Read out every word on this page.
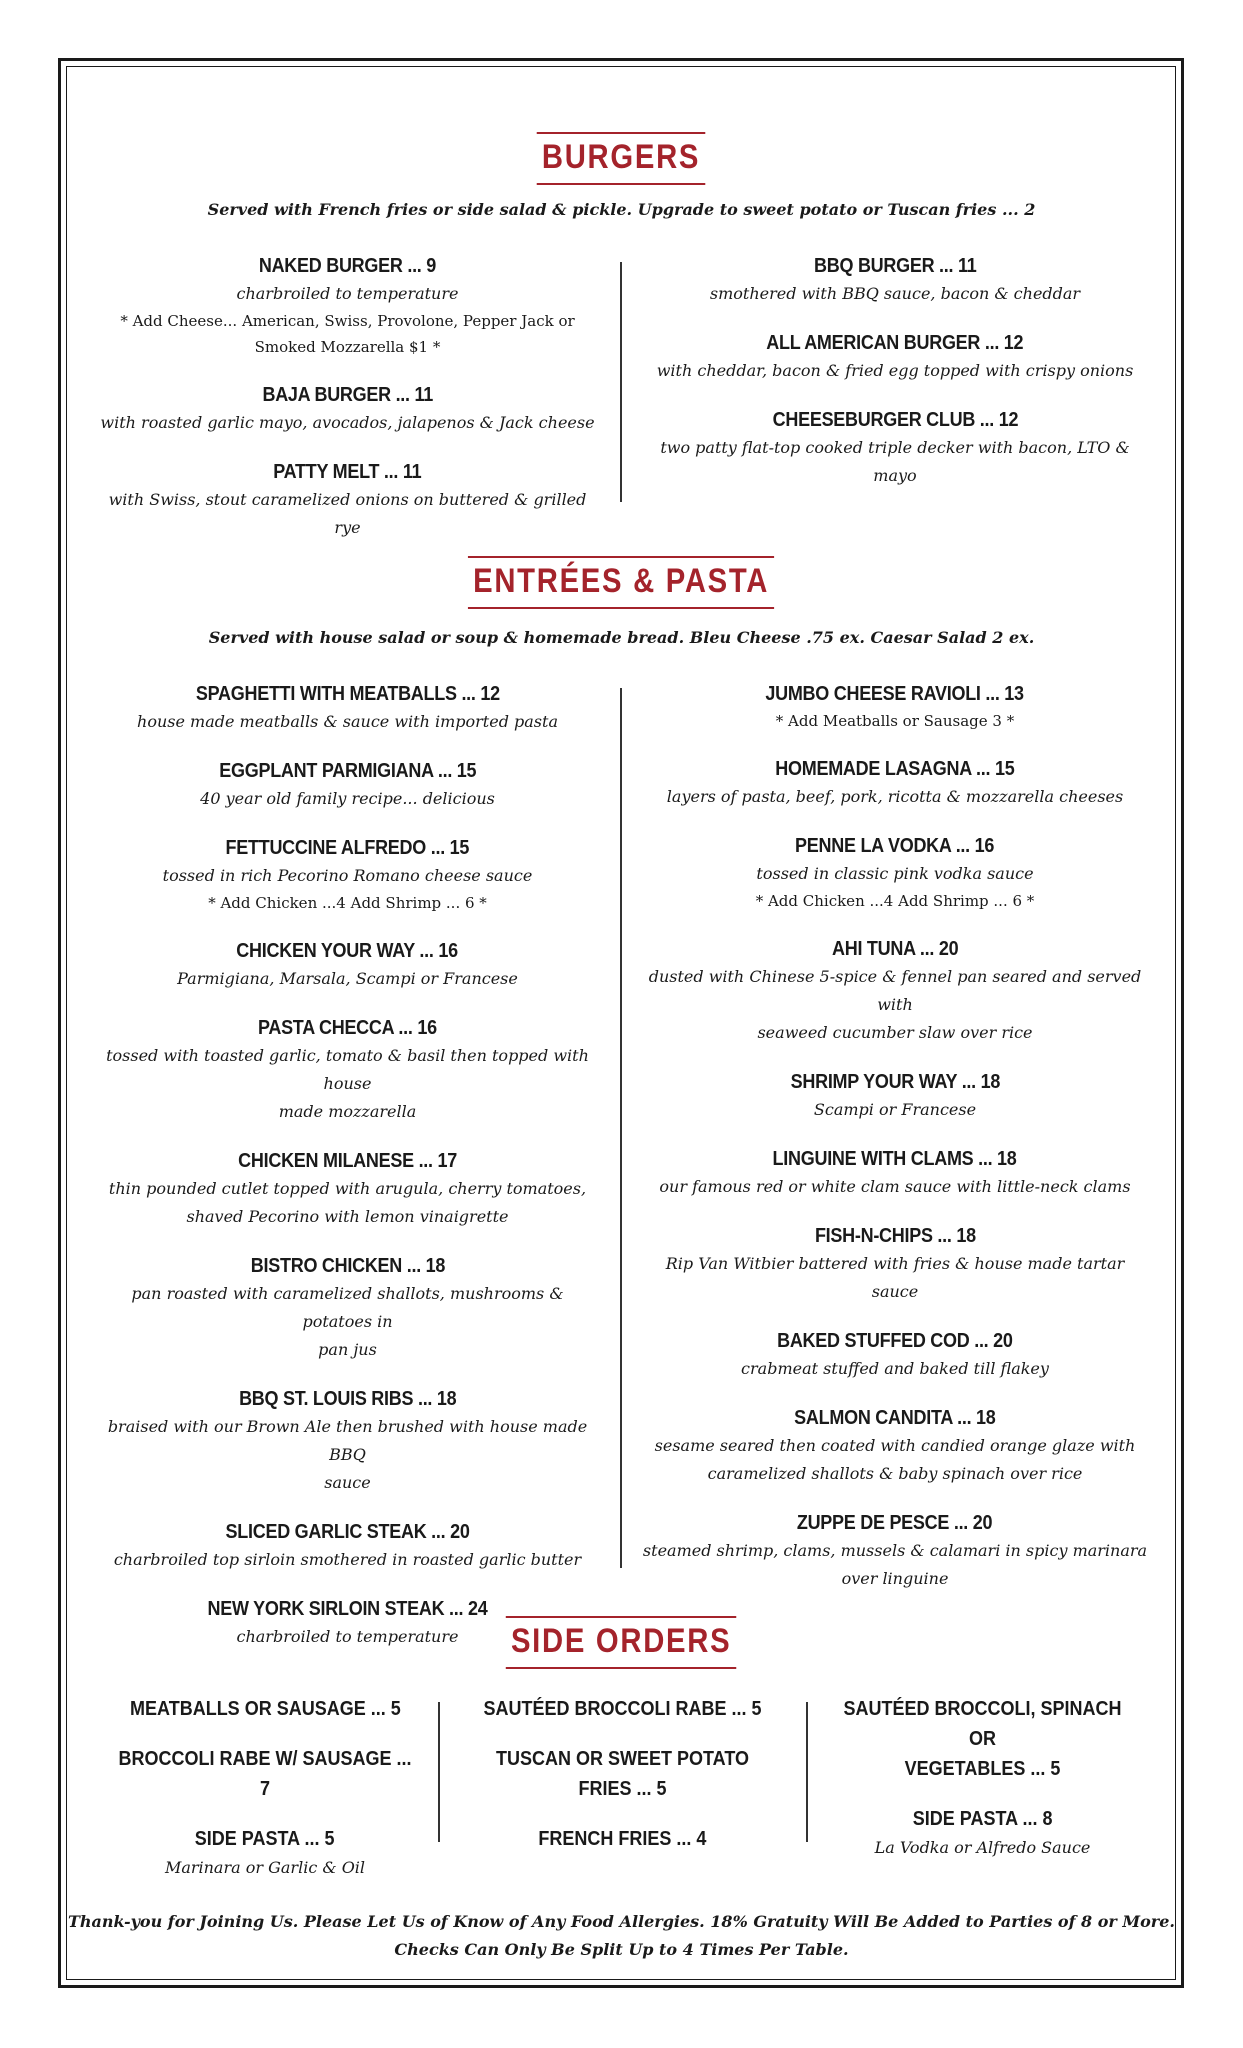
BURGERS
Served with French fries or side salad & pickle. Upgrade to sweet potato or Tuscan fries ... 2
NAKED BURGER ... 9
charbroiled to temperature
* Add Cheese... American, Swiss, Provolone, Pepper Jack or
Smoked Mozzarella $1 *
BAJA BURGER ... 11
with roasted garlic mayo, avocados, jalapenos & Jack cheese
PATTY MELT ... 11
with Swiss, stout caramelized onions on buttered & grilled rye
BBQ BURGER ... 11
smothered with BBQ sauce, bacon & cheddar
ALL AMERICAN BURGER ... 12
with cheddar, bacon & fried egg topped with crispy onions
CHEESEBURGER CLUB ... 12
two patty flat-top cooked triple decker with bacon, LTO & mayo
ENTRÉES & PASTA
Served with house salad or soup & homemade bread. Bleu Cheese .75 ex. Caesar Salad 2 ex.
SPAGHETTI WITH MEATBALLS ... 12
house made meatballs & sauce with imported pasta
EGGPLANT PARMIGIANA ... 15
40 year old family recipe... delicious
FETTUCCINE ALFREDO ... 15
tossed in rich Pecorino Romano cheese sauce
* Add Chicken ...4 Add Shrimp ... 6 *
CHICKEN YOUR WAY ... 16
Parmigiana, Marsala, Scampi or Francese
PASTA CHECCA ... 16
tossed with toasted garlic, tomato & basil then topped with house
made mozzarella
CHICKEN MILANESE ... 17
thin pounded cutlet topped with arugula, cherry tomatoes,
shaved Pecorino with lemon vinaigrette
BISTRO CHICKEN ... 18
pan roasted with caramelized shallots, mushrooms & potatoes in
pan jus
BBQ ST. LOUIS RIBS ... 18
braised with our Brown Ale then brushed with house made BBQ
sauce
SLICED GARLIC STEAK ... 20
charbroiled top sirloin smothered in roasted garlic butter
NEW YORK SIRLOIN STEAK ... 24
charbroiled to temperature
JUMBO CHEESE RAVIOLI ... 13
* Add Meatballs or Sausage 3 *
HOMEMADE LASAGNA ... 15
layers of pasta, beef, pork, ricotta & mozzarella cheeses
PENNE LA VODKA ... 16
tossed in classic pink vodka sauce
* Add Chicken ...4 Add Shrimp ... 6 *
AHI TUNA ... 20
dusted with Chinese 5-spice & fennel pan seared and served with
seaweed cucumber slaw over rice
SHRIMP YOUR WAY ... 18
Scampi or Francese
LINGUINE WITH CLAMS ... 18
our famous red or white clam sauce with little-neck clams
FISH-N-CHIPS ... 18
Rip Van Witbier battered with fries & house made tartar sauce
BAKED STUFFED COD ... 20
crabmeat stuffed and baked till flakey
SALMON CANDITA ... 18
sesame seared then coated with candied orange glaze with
caramelized shallots & baby spinach over rice
ZUPPE DE PESCE ... 20
steamed shrimp, clams, mussels & calamari in spicy marinara
over linguine
SIDE ORDERS
MEATBALLS OR SAUSAGE ... 5
BROCCOLI RABE W/ SAUSAGE ... 7
SIDE PASTA ... 5
Marinara or Garlic & Oil
SAUTÉED BROCCOLI RABE ... 5
TUSCAN OR SWEET POTATO FRIES ... 5
FRENCH FRIES ... 4
SAUTÉED BROCCOLI, SPINACH OR
VEGETABLES ... 5
SIDE PASTA ... 8
La Vodka or Alfredo Sauce
Thank-you for Joining Us. Please Let Us of Know of Any Food Allergies. 18% Gratuity Will Be Added to Parties of 8 or More.
Checks Can Only Be Split Up to 4 Times Per Table.
